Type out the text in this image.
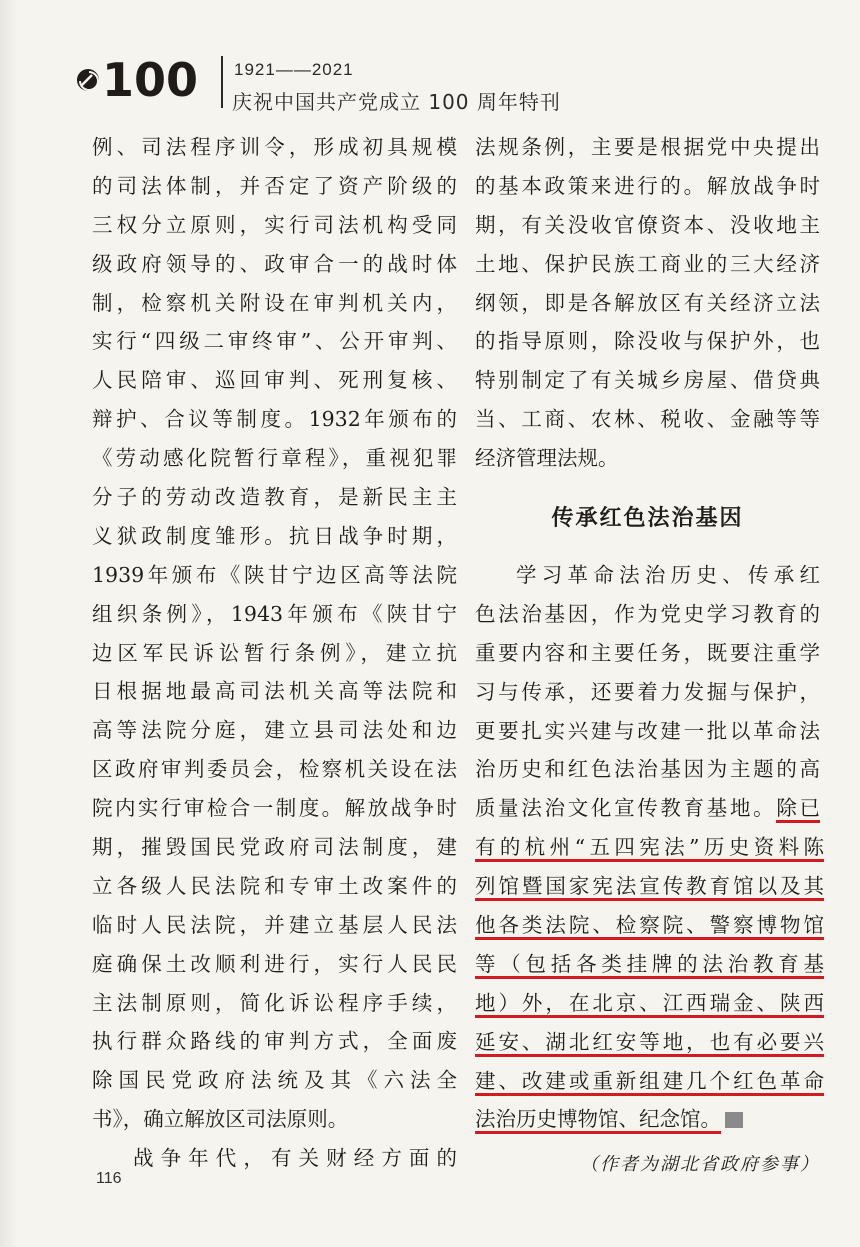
100 1921——2021
庆祝中国共产党成立 100 周年特刊
例、司法程序训令，形成初具规模
的司法体制，并否定了资产阶级的
三权分立原则，实行司法机构受同
级政府领导的、政审合一的战时体
制，检察机关附设在审判机关内，
实行“四级二审终审”、公开审判、
人民陪审、巡回审判、死刑复核、
辩护、合议等制度。1932年颁布的
《劳动感化院暂行章程》，重视犯罪
分子的劳动改造教育，是新民主主
义狱政制度雏形。抗日战争时期，
1939年颁布《陕甘宁边区高等法院
组织条例》，1943年颁布《陕甘宁
边区军民诉讼暂行条例》，建立抗
日根据地最高司法机关高等法院和
高等法院分庭，建立县司法处和边
区政府审判委员会，检察机关设在法
院内实行审检合一制度。解放战争时
期，摧毁国民党政府司法制度，建
立各级人民法院和专审土改案件的
临时人民法院，并建立基层人民法
庭确保土改顺利进行，实行人民民
主法制原则，简化诉讼程序手续，
执行群众路线的审判方式，全面废
除国民党政府法统及其《六法全
书》，确立解放区司法原则。
战争年代，有关财经方面的
法规条例，主要是根据党中央提出
的基本政策来进行的。解放战争时
期，有关没收官僚资本、没收地主
土地、保护民族工商业的三大经济
纲领，即是各解放区有关经济立法
的指导原则，除没收与保护外，也
特别制定了有关城乡房屋、借贷典
当、工商、农林、税收、金融等等
经济管理法规。
传承红色法治基因
学习革命法治历史、传承红
色法治基因，作为党史学习教育的
重要内容和主要任务，既要注重学
习与传承，还要着力发掘与保护，
更要扎实兴建与改建一批以革命法
治历史和红色法治基因为主题的高
质量法治文化宣传教育基地。除已
有的杭州“五四宪法”历史资料陈
列馆暨国家宪法宣传教育馆以及其
他各类法院、检察院、警察博物馆
等（包括各类挂牌的法治教育基
地）外，在北京、江西瑞金、陕西
延安、湖北红安等地，也有必要兴
建、改建或重新组建几个红色革命
法治历史博物馆、纪念馆。
（作者为湖北省政府参事）
116
